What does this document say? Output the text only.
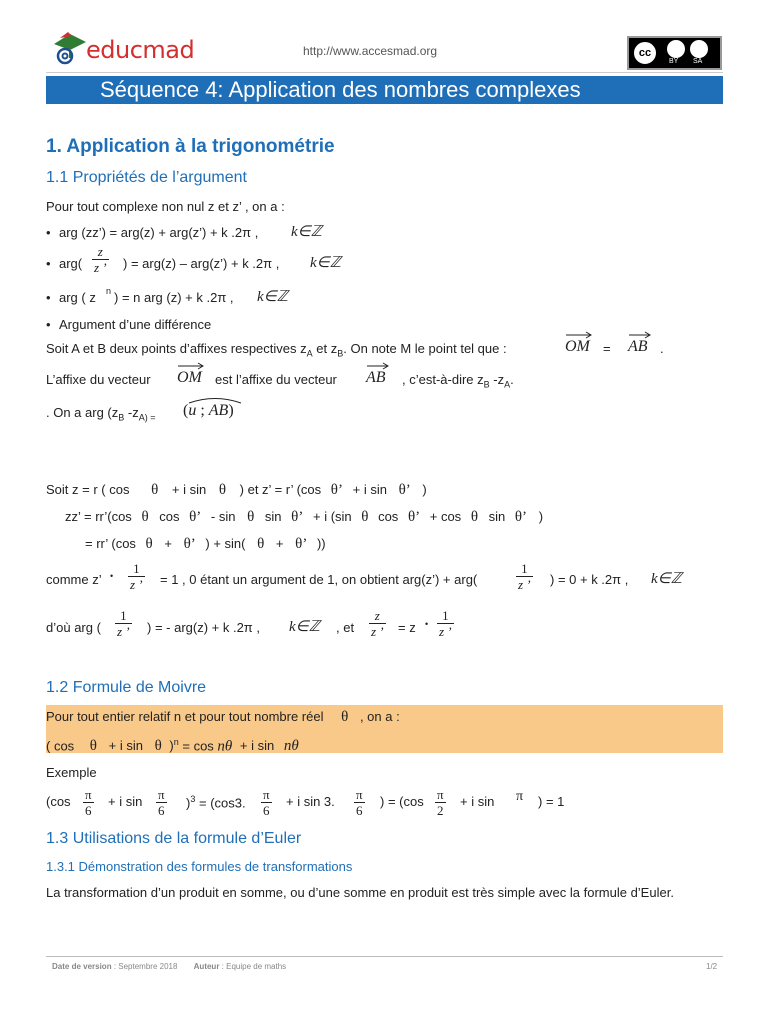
educmad	http://www.accesmad.org	cc
BY SA
Séquence 4: Application des nombres complexes
1. Application à la trigonométrie
1.1 Propriétés de l’argument
Pour tout complexe non nul z et z’ , on a :
• arg (zz’) = arg(z) + arg(z’) + k .2π , k∈ℤ
• $arg( \frac{z}{z ’}$ ) = arg(z) – arg(z’) + k .2π , k∈ℤ
• arg ( z n ) = n arg (z) + k .2π , k∈ℤ
• Argument d’une différence
Soit A et B deux points d’affixes respectives $z_A$ et $z_B$. On note M le point tel que :	OM = AB .
L’affixe du vecteur OM est l’affixe du vecteur AB , c’est-à-dire $z_B$ $-z_A$.
. On a arg ($z_B$ $-z_{A) =}$ (u ; AB)
Soit z = r ( cos θ + i sin θ ) et z’ = r’ (cos θ’ + i sin θ’ )
zz’ = rr’(cos θ cos θ’ - sin θ sin θ’ + i (sin θ cos θ’ + cos θ sin θ’ )
= rr’ (cos θ + θ’ ) + sin( θ + θ’ ))
comme z’ • $\frac{1}{z ’} = 1$ , 0 étant un argument de 1, on obtient arg(z’) + arg(	$\frac{1}{z ’}$ ) = 0 + k .2π , k∈ℤ
d’où arg ( $\frac{1}{z ’}$ ) = - arg(z) + k .2π , k∈ℤ , et $\frac{z}{z ’} = z$ • $\frac{1}{z ’}$
1.2 Formule de Moivre
Pour tout entier relatif n et pour tout nombre réel θ , on a :
( cos θ + i sin θ )$^n$ = cos nθ + i sin nθ
Exemple
($\cos \frac{\pi}{6} + i$ $\sin \frac{\pi}{6} )^3 = (\cos 3$. $\frac{\pi}{6} + i$ sin 3. $\frac{\pi}{6}$ ) = ($\cos \frac{\pi}{2} + i$ sin π ) = 1
1.3 Utilisations de la formule d’Euler
1.3.1 Démonstration des formules de transformations
La transformation d’un produit en somme, ou d’une somme en produit est très simple avec la formule d’Euler.
Date de version : Septembre 2018 Auteur : Equipe de maths	1/2
